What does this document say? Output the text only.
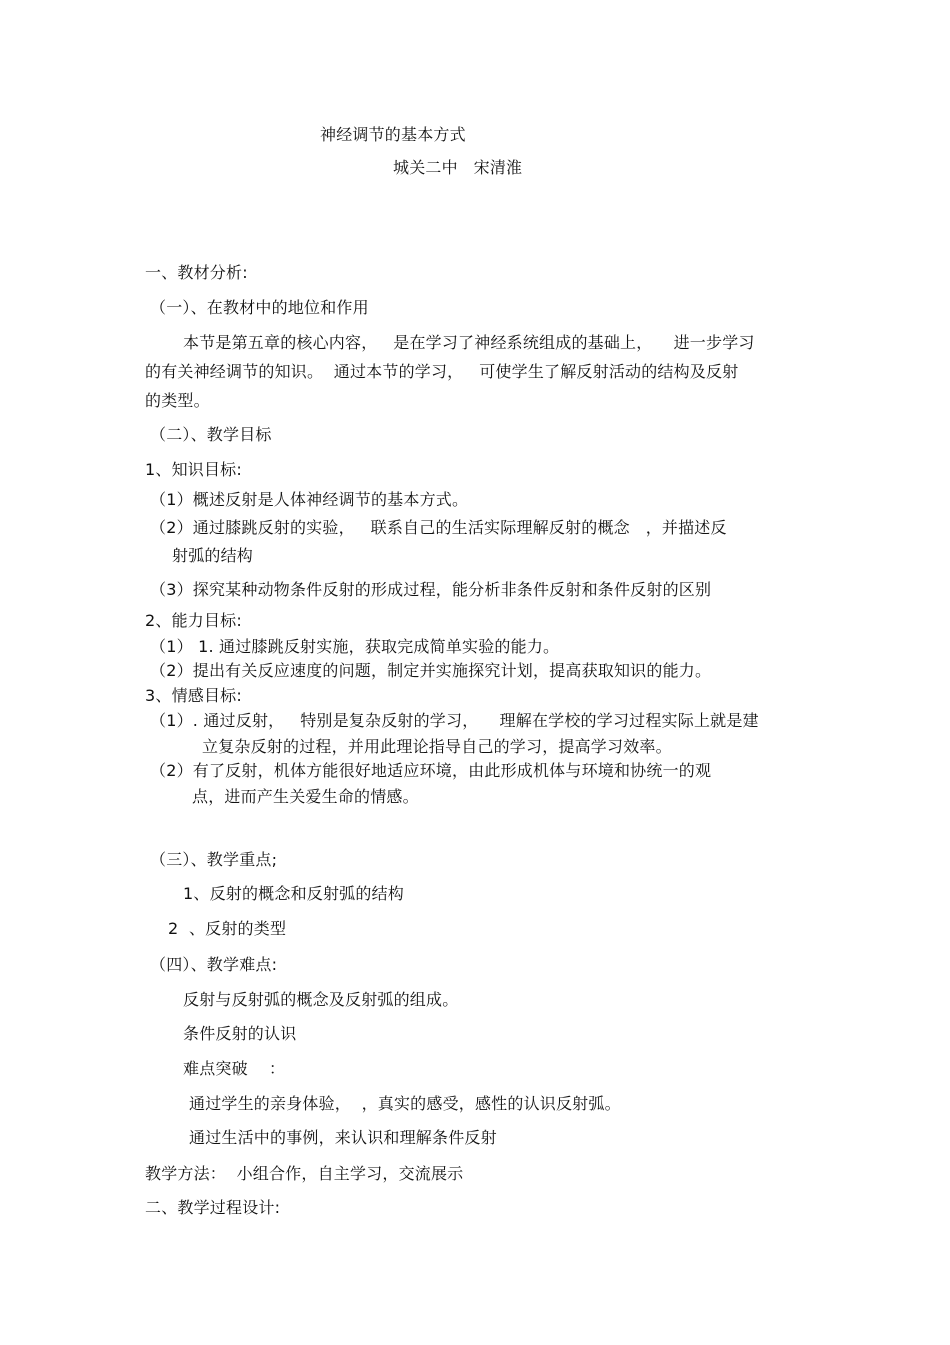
神经调节的基本方式
城关二中   宋清淮
一、教材分析:
（一）、在教材中的地位和作用
本节是第五章的核心内容，   是在学习了神经系统组成的基础上，    进一步学习
的有关神经调节的知识。  通过本节的学习，   可使学生了解反射活动的结构及反射
的类型。
（二）、教学目标
1、知识目标:
（1）概述反射是人体神经调节的基本方式。
（2）通过膝跳反射的实验，   联系自己的生活实际理解反射的概念   ，并描述反
射弧的结构
（3）探究某种动物条件反射的形成过程，能分析非条件反射和条件反射的区别
2、能力目标:
（1） 1. 通过膝跳反射实施，获取完成简单实验的能力。
（2）提出有关反应速度的问题，制定并实施探究计划，提高获取知识的能力。
3、情感目标:
（1）. 通过反射，   特别是复杂反射的学习，    理解在学校的学习过程实际上就是建
立复杂反射的过程，并用此理论指导自己的学习，提高学习效率。
（2）有了反射，机体方能很好地适应环境，由此形成机体与环境和协统一的观
点，进而产生关爱生命的情感。
（三）、教学重点;
1、反射的概念和反射弧的结构
2  、反射的类型
（四）、教学难点:
反射与反射弧的概念及反射弧的组成。
条件反射的认识
难点突破    ：
通过学生的亲身体验，  ，真实的感受，感性的认识反射弧。
通过生活中的事例，来认识和理解条件反射
教学方法：  小组合作，自主学习，交流展示
二、教学过程设计:
